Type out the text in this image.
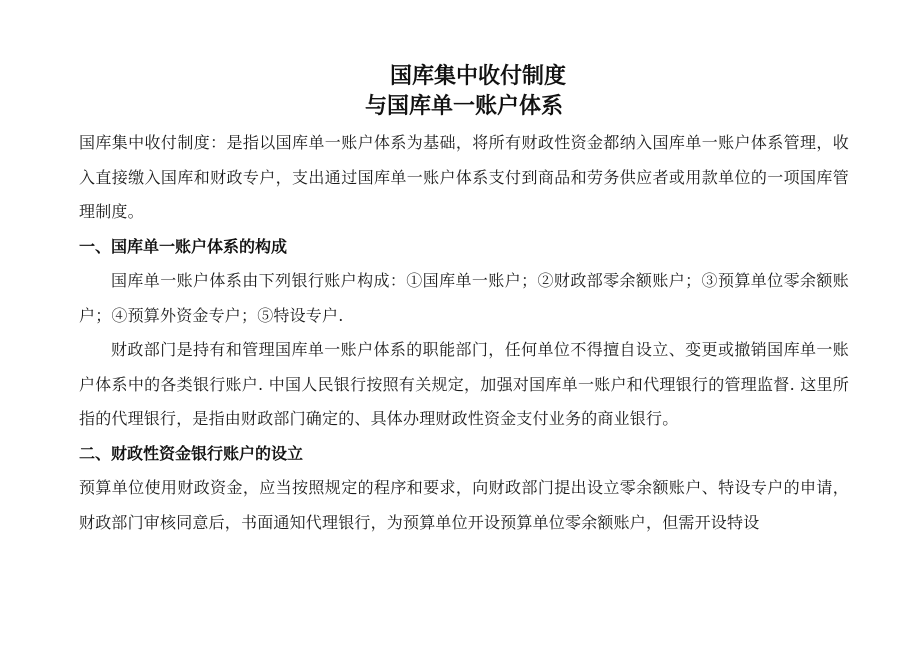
国库集中收付制度
与国库单一账户体系

国库集中收付制度：是指以国库单一账户体系为基础，将所有财政性资金都纳入国库单一账户体系管理，收入直接缴入国库和财政专户，支出通过国库单一账户体系支付到商品和劳务供应者或用款单位的一项国库管理制度。

一、国库单一账户体系的构成

国库单一账户体系由下列银行账户构成：①国库单一账户；②财政部零余额账户；③预算单位零余额账户；④预算外资金专户；⑤特设专户.

财政部门是持有和管理国库单一账户体系的职能部门，任何单位不得擅自设立、变更或撤销国库单一账户体系中的各类银行账户. 中国人民银行按照有关规定，加强对国库单一账户和代理银行的管理监督. 这里所指的代理银行，是指由财政部门确定的、具体办理财政性资金支付业务的商业银行。

二、财政性资金银行账户的设立

预算单位使用财政资金，应当按照规定的程序和要求，向财政部门提出设立零余额账户、特设专户的申请，财政部门审核同意后，书面通知代理银行，为预算单位开设预算单位零余额账户，但需开设特设
